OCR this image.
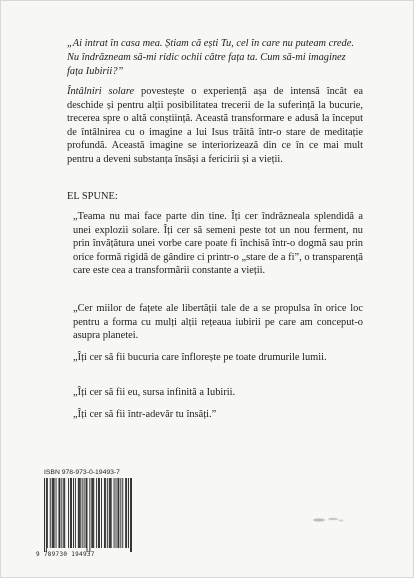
„Ai intrat în casa mea. Știam că ești Tu, cel în care nu puteam crede. Nu îndrăzneam să-mi ridic ochii către fața ta. Cum să-mi imaginez fața Iubirii?”
Întâlniri solare povestește o experiență așa de intensă încât ea deschide și pentru alții posibilitatea trecerii de la suferință la bucurie, trecerea spre o altă conștiință. Această transformare e adusă la început de întâlnirea cu o imagine a lui Isus trăită într-o stare de meditație profundă. Această imagine se interiorizează din ce în ce mai mult pentru a deveni substanța însăși a fericirii și a vieții.
EL SPUNE:
„Teama nu mai face parte din tine. Îți cer îndrăzneala splendidă a unei explozii solare. Îți cer să semeni peste tot un nou ferment, nu prin învățătura unei vorbe care poate fi închisă într-o dogmă sau prin orice formă rigidă de gândire ci printr-o „stare de a fi”, o transparență care este cea a transformării constante a vieții.
„Cer miilor de fațete ale libertății tale de a se propulsa în orice loc pentru a forma cu mulți alții rețeaua iubirii pe care am conceput-o asupra planetei.
„Îți cer să fii bucuria care înflorește pe toate drumurile lumii.
„Îți cer să fii eu, sursa infinită a Iubirii.
„Îți cer să fii într-adevăr tu însăți.”
ISBN 978-973-0-19493-7
9 789730 194937
